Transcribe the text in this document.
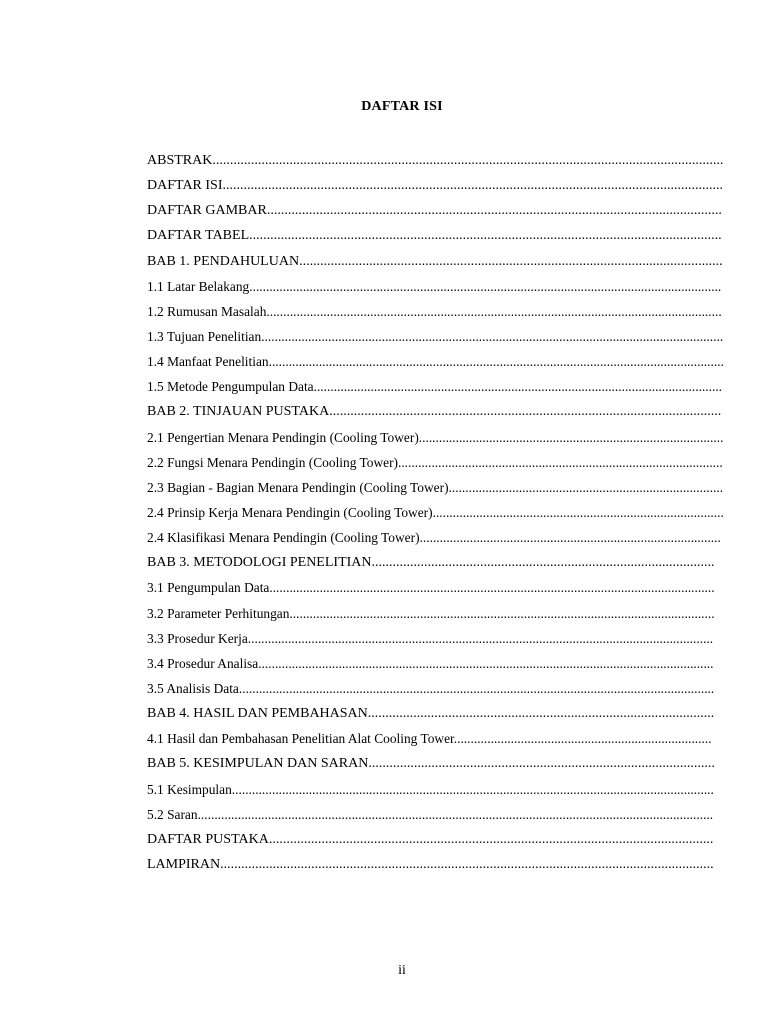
DAFTAR ISI
ABSTRAK..................................................................................................................................................
DAFTAR ISI...............................................................................................................................................
DAFTAR GAMBAR..................................................................................................................................
DAFTAR TABEL.......................................................................................................................................
BAB 1. PENDAHULUAN.........................................................................................................................
1.1 Latar Belakang.............................................................................................................................................
1.2 Rumusan Masalah........................................................................................................................................
1.3 Tujuan Penelitian..........................................................................................................................................
1.4 Manfaat Penelitian........................................................................................................................................
1.5 Metode Pengumpulan Data..........................................................................................................................
BAB 2. TINJAUAN PUSTAKA................................................................................................................
2.1 Pengertian Menara Pendingin (Cooling Tower)...........................................................................................
2.2 Fungsi Menara Pendingin (Cooling Tower).................................................................................................
2.3 Bagian - Bagian Menara Pendingin (Cooling Tower)..................................................................................
2.4 Prinsip Kerja Menara Pendingin (Cooling Tower).......................................................................................
2.4 Klasifikasi Menara Pendingin (Cooling Tower)..........................................................................................
BAB 3. METODOLOGI PENELITIAN..................................................................................................
3.1 Pengumpulan Data.....................................................................................................................................
3.2 Parameter Perhitungan...............................................................................................................................
3.3 Prosedur Kerja...........................................................................................................................................
3.4 Prosedur Analisa........................................................................................................................................
3.5 Analisis Data..............................................................................................................................................
BAB 4. HASIL DAN PEMBAHASAN...................................................................................................
4.1 Hasil dan Pembahasan Penelitian Alat Cooling Tower.............................................................................
BAB 5. KESIMPULAN DAN SARAN...................................................................................................
5.1 Kesimpulan................................................................................................................................................
5.2 Saran..........................................................................................................................................................
DAFTAR PUSTAKA...............................................................................................................................
LAMPIRAN.............................................................................................................................................
ii
